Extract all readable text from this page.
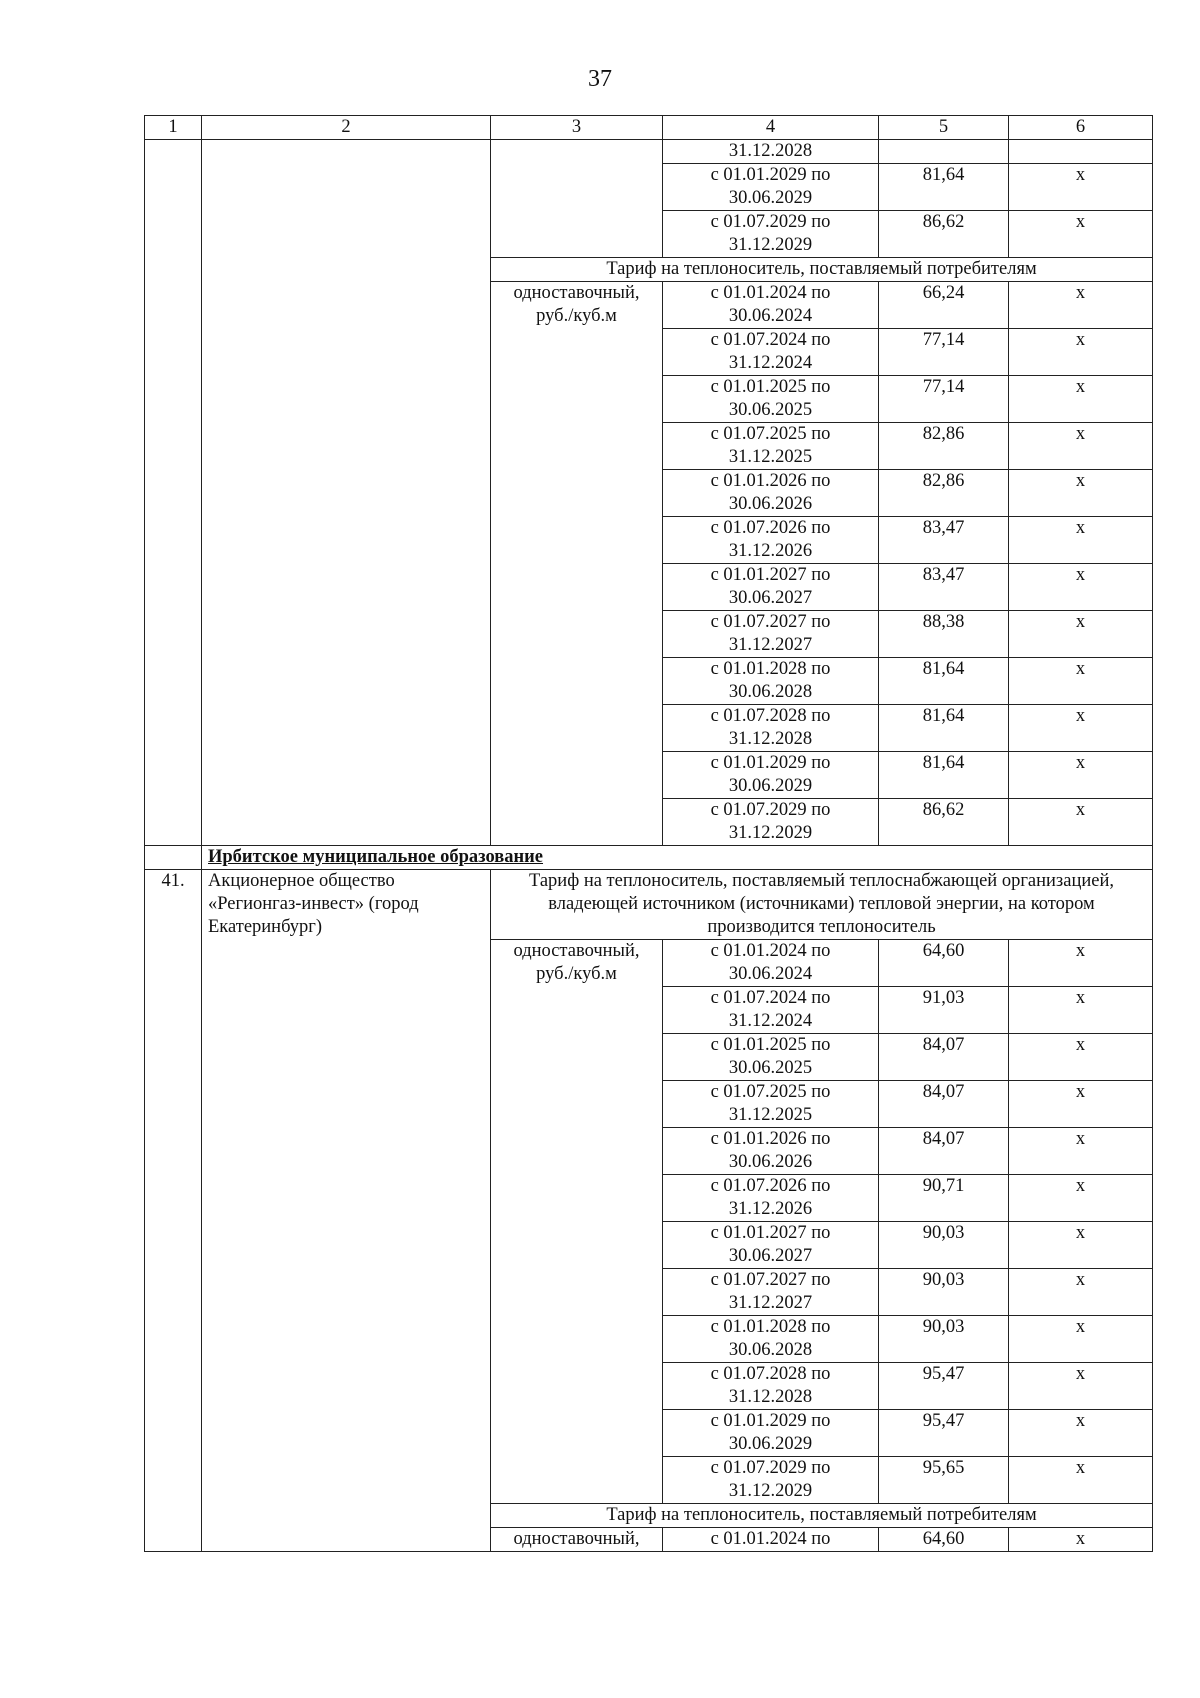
37
1	2	3	4	5	6
			31.12.2028		
			с 01.01.2029 по 30.06.2029	81,64	х
			с 01.07.2029 по 31.12.2029	86,62	х
		Тариф на теплоноситель, поставляемый потребителям			
		одноставочный, руб./куб.м	с 01.01.2024 по 30.06.2024	66,24	х
			с 01.07.2024 по 31.12.2024	77,14	х
			с 01.01.2025 по 30.06.2025	77,14	х
			с 01.07.2025 по 31.12.2025	82,86	х
			с 01.01.2026 по 30.06.2026	82,86	х
			с 01.07.2026 по 31.12.2026	83,47	х
			с 01.01.2027 по 30.06.2027	83,47	х
			с 01.07.2027 по 31.12.2027	88,38	х
			с 01.01.2028 по 30.06.2028	81,64	х
			с 01.07.2028 по 31.12.2028	81,64	х
			с 01.01.2029 по 30.06.2029	81,64	х
			с 01.07.2029 по 31.12.2029	86,62	х
	Ирбитское муниципальное образование				
41.	Акционерное общество «Регионгаз-инвест» (город Екатеринбург)	Тариф на теплоноситель, поставляемый теплоснабжающей организацией, владеющей источником (источниками) тепловой энергии, на котором производится теплоноситель			
		одноставочный, руб./куб.м	с 01.01.2024 по 30.06.2024	64,60	х
			с 01.07.2024 по 31.12.2024	91,03	х
			с 01.01.2025 по 30.06.2025	84,07	х
			с 01.07.2025 по 31.12.2025	84,07	х
			с 01.01.2026 по 30.06.2026	84,07	х
			с 01.07.2026 по 31.12.2026	90,71	х
			с 01.01.2027 по 30.06.2027	90,03	х
			с 01.07.2027 по 31.12.2027	90,03	х
			с 01.01.2028 по 30.06.2028	90,03	х
			с 01.07.2028 по 31.12.2028	95,47	х
			с 01.01.2029 по 30.06.2029	95,47	х
			с 01.07.2029 по 31.12.2029	95,65	х
		Тариф на теплоноситель, поставляемый потребителям			
		одноставочный,	с 01.01.2024 по	64,60	х
